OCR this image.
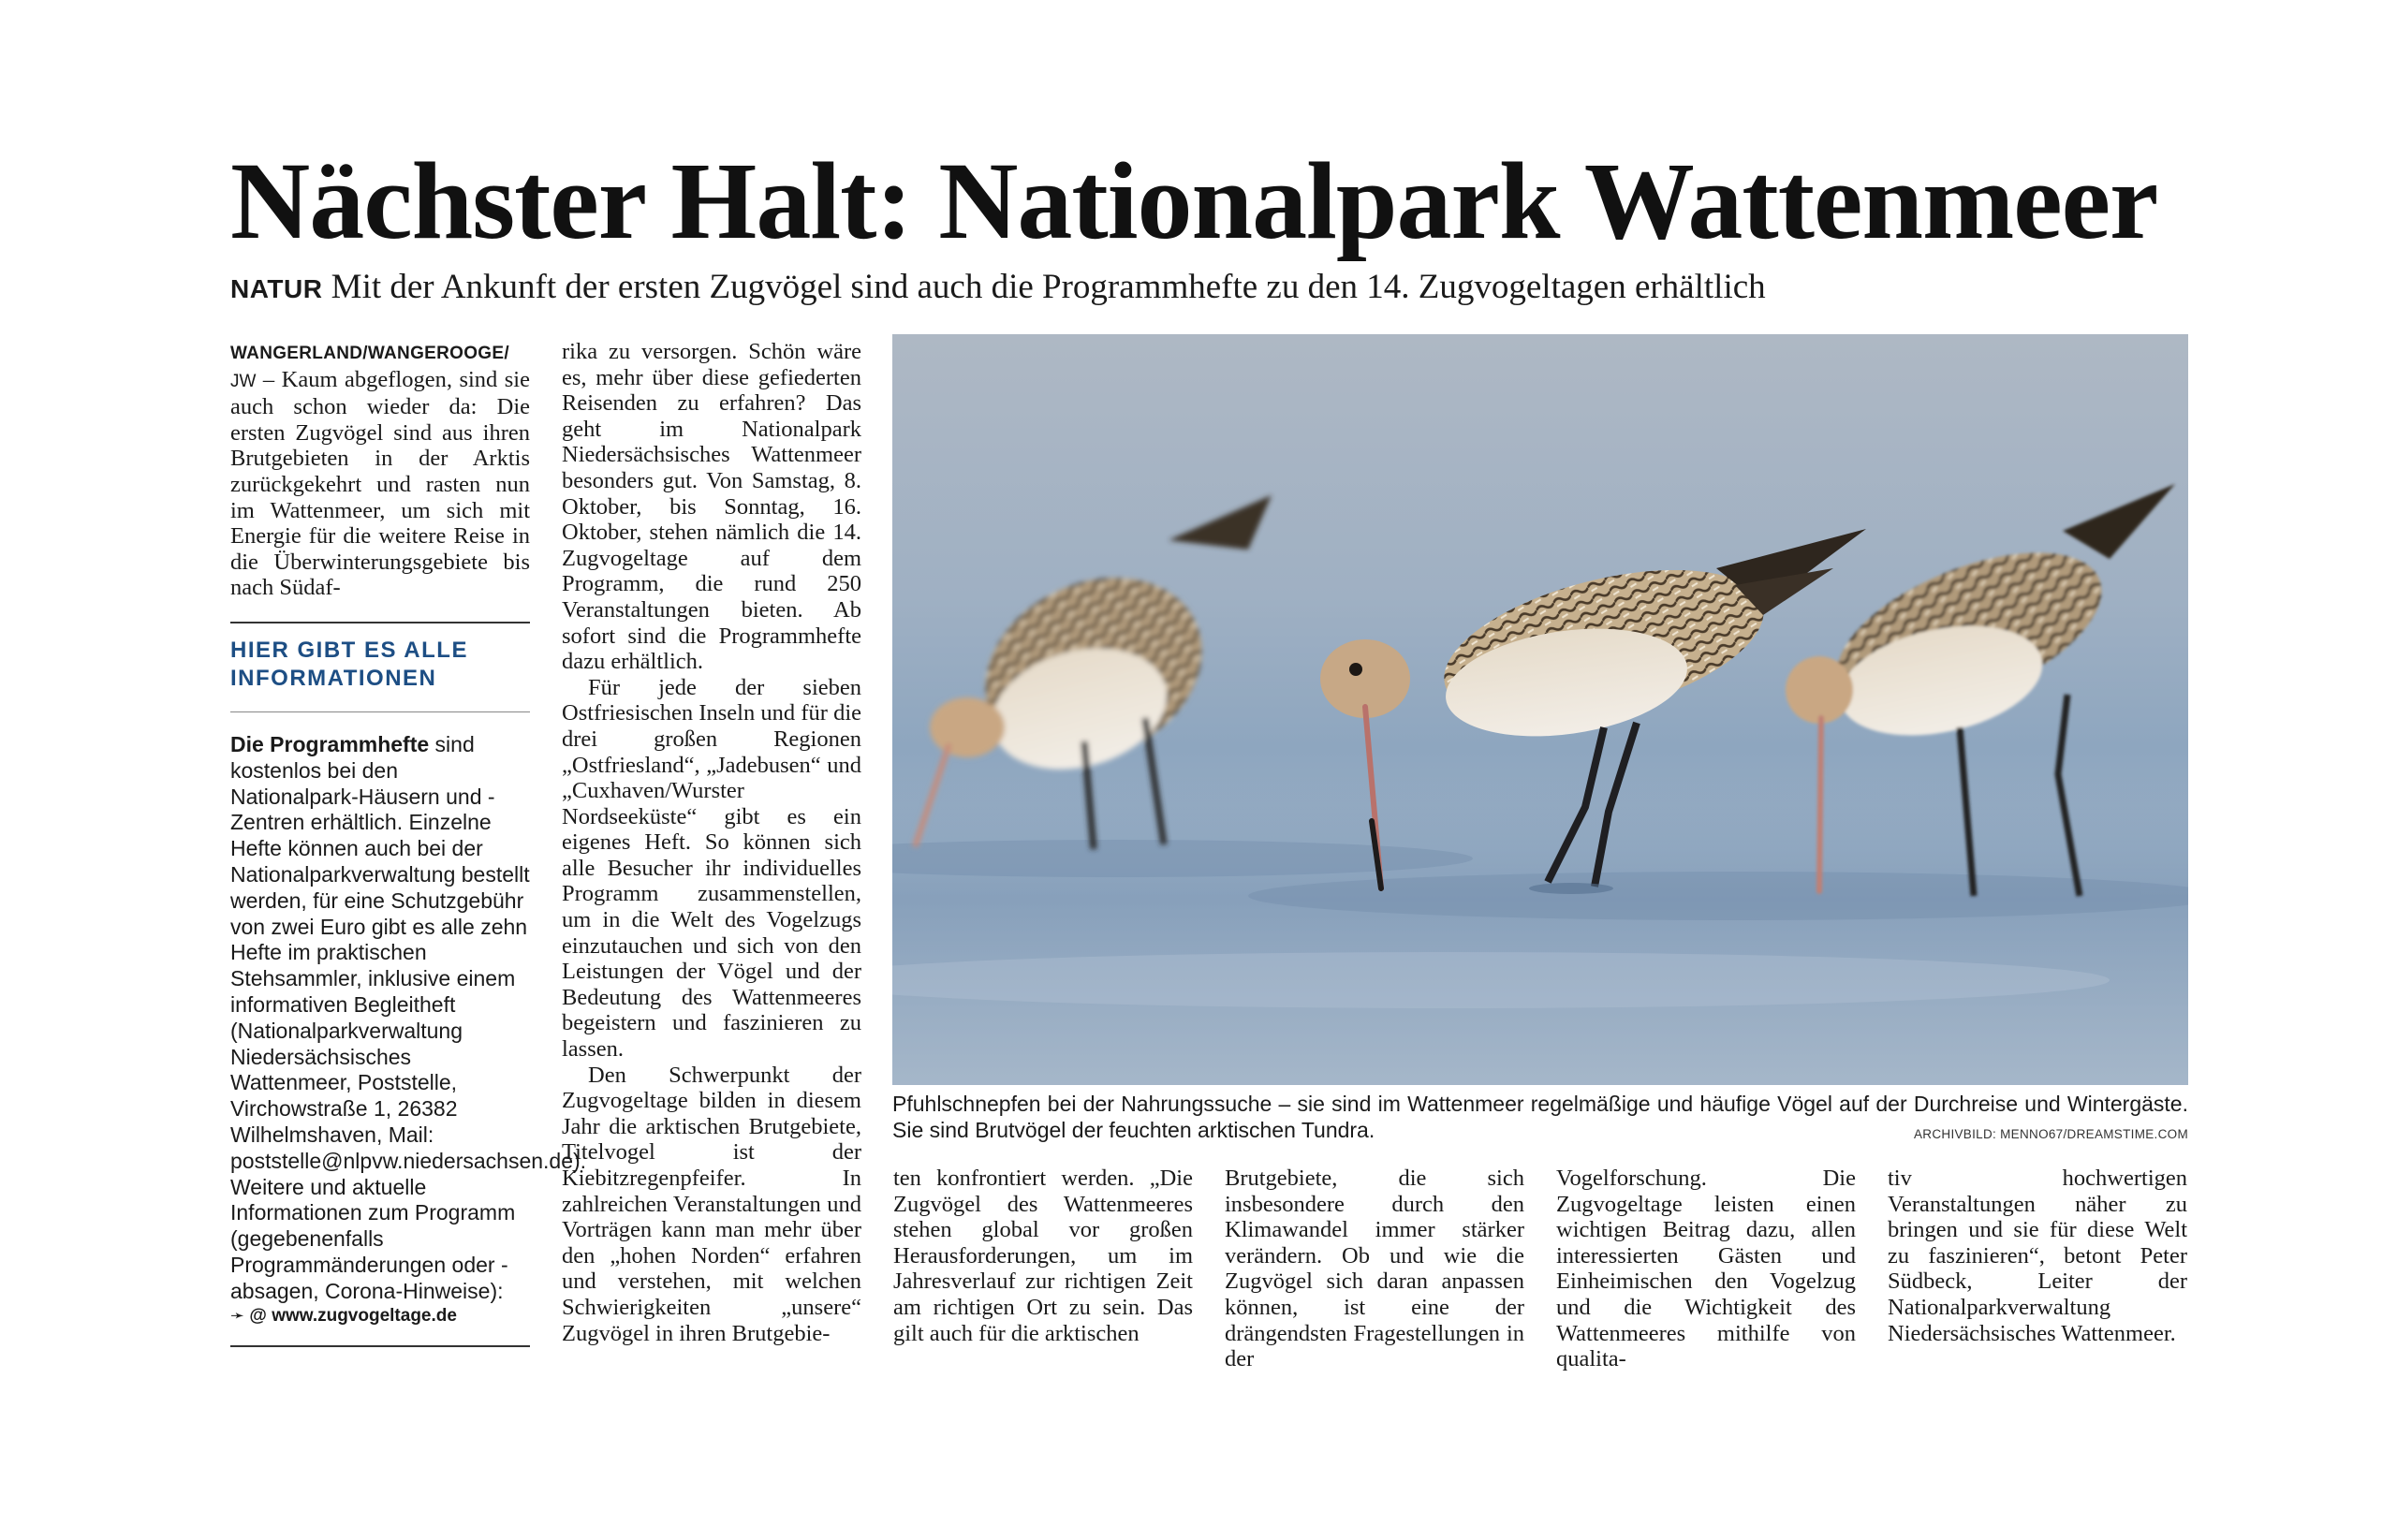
Nächster Halt: Nationalpark Wattenmeer
NATUR Mit der Ankunft der ersten Zugvögel sind auch die Programmhefte zu den 14. Zugvogeltagen erhältlich

WANGERLAND/WANGEROOGE/
JW – Kaum abgeflogen, sind sie auch schon wieder da: Die ersten Zugvögel sind aus ihren Brutgebieten in der Arktis zurückgekehrt und rasten nun im Wattenmeer, um sich mit Energie für die weitere Reise in die Überwinterungsgebiete bis nach Südaf-

HIER GIBT ES ALLE INFORMATIONEN
Die Programmhefte sind kostenlos bei den Nationalpark-Häusern und -Zentren erhältlich. Einzelne Hefte können auch bei der Nationalparkverwaltung bestellt werden, für eine Schutzgebühr von zwei Euro gibt es alle zehn Hefte im praktischen Stehsammler, inklusive einem informativen Begleitheft (Nationalparkverwaltung Niedersächsisches Wattenmeer, Poststelle, Virchowstraße 1, 26382 Wilhelmshaven, Mail: poststelle@nlpvw.niedersachsen.de). Weitere und aktuelle Informationen zum Programm (gegebenenfalls Programmänderungen oder -absagen, Corona-Hinweise):
➛ @ www.zugvogeltage.de

rika zu versorgen. Schön wäre es, mehr über diese gefiederten Reisenden zu erfahren? Das geht im Nationalpark Niedersächsisches Wattenmeer besonders gut. Von Samstag, 8. Oktober, bis Sonntag, 16. Oktober, stehen nämlich die 14. Zugvogeltage auf dem Programm, die rund 250 Veranstaltungen bieten. Ab sofort sind die Programmhefte dazu erhältlich.

Für jede der sieben Ostfriesischen Inseln und für die drei großen Regionen „Ostfriesland“, „Jadebusen“ und „Cuxhaven/Wurster Nordseeküste“ gibt es ein eigenes Heft. So können sich alle Besucher ihr individuelles Programm zusammenstellen, um in die Welt des Vogelzugs einzutauchen und sich von den Leistungen der Vögel und der Bedeutung des Wattenmeeres begeistern und faszinieren zu lassen.

Den Schwerpunkt der Zugvogeltage bilden in diesem Jahr die arktischen Brutgebiete, Titelvogel ist der Kiebitzregenpfeifer. In zahlreichen Veranstaltungen und Vorträgen kann man mehr über den „hohen Norden“ erfahren und verstehen, mit welchen Schwierigkeiten „unsere“ Zugvögel in ihren Brutgebie-

Pfuhlschnepfen bei der Nahrungssuche – sie sind im Wattenmeer regelmäßige und häufige Vögel auf der Durchreise und Wintergäste. Sie sind Brutvögel der feuchten arktischen Tundra.	ARCHIVBILD: MENNO67/DREAMSTIME.COM

ten konfrontiert werden. „Die Zugvögel des Wattenmeeres stehen global vor großen Herausforderungen, um im Jahresverlauf zur richtigen Zeit am richtigen Ort zu sein. Das gilt auch für die arktischen

Brutgebiete, die sich insbesondere durch den Klimawandel immer stärker verändern. Ob und wie die Zugvögel sich daran anpassen können, ist eine der drängendsten Fragestellungen in der

Vogelforschung. Die Zugvogeltage leisten einen wichtigen Beitrag dazu, allen interessierten Gästen und Einheimischen den Vogelzug und die Wichtigkeit des Wattenmeeres mithilfe von qualita-

tiv hochwertigen Veranstaltungen näher zu bringen und sie für diese Welt zu faszinieren“, betont Peter Südbeck, Leiter der Nationalparkverwaltung Niedersächsisches Wattenmeer.
